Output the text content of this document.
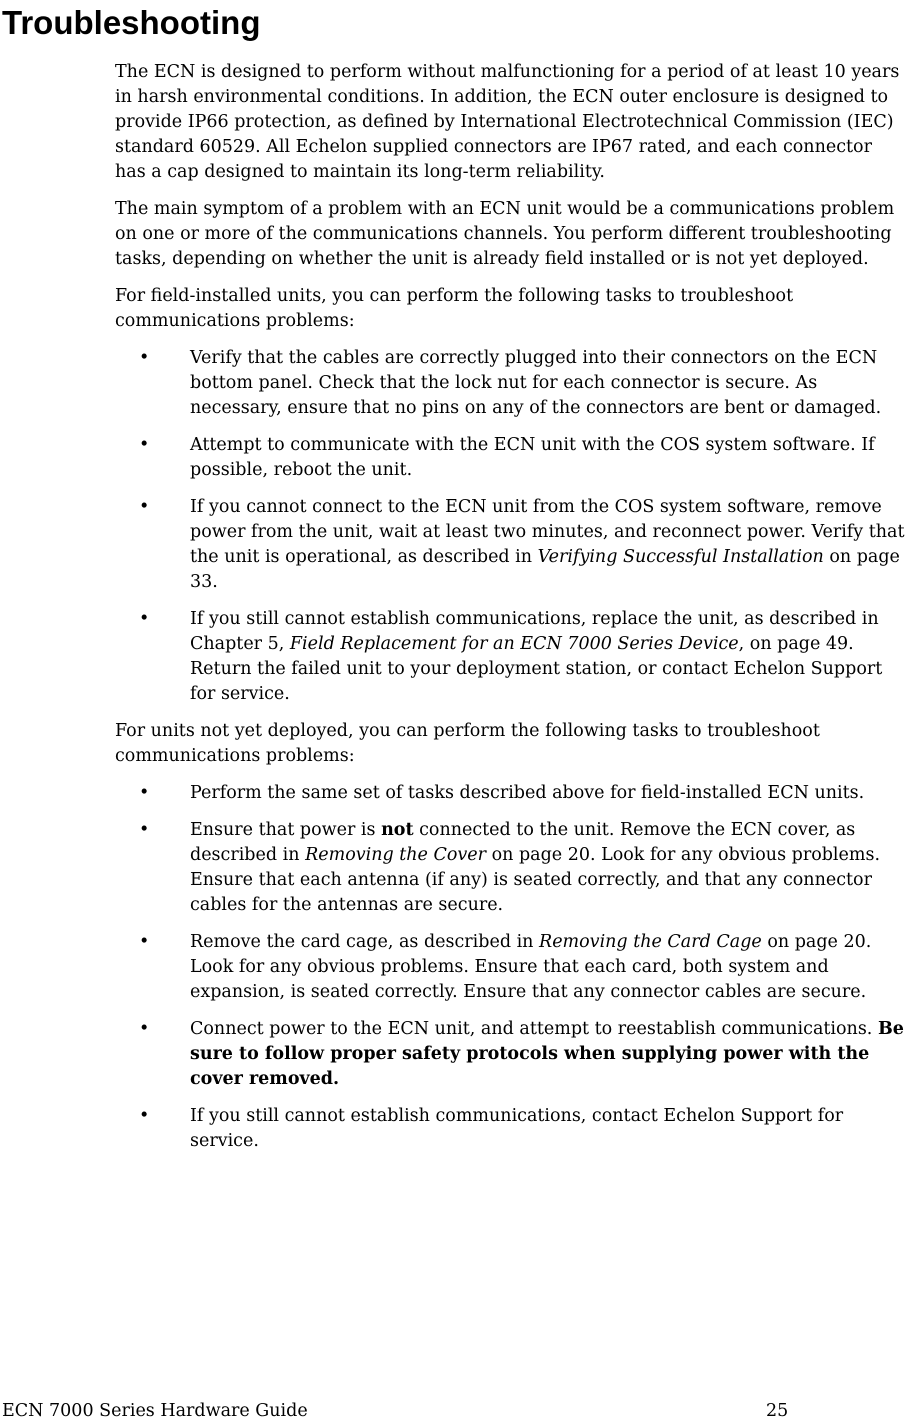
Troubleshooting

The ECN is designed to perform without malfunctioning for a period of at least 10 years in harsh environmental conditions. In addition, the ECN outer enclosure is designed to provide IP66 protection, as defined by International Electrotechnical Commission (IEC) standard 60529. All Echelon supplied connectors are IP67 rated, and each connector has a cap designed to maintain its long-term reliability.

The main symptom of a problem with an ECN unit would be a communications problem on one or more of the communications channels. You perform different troubleshooting tasks, depending on whether the unit is already field installed or is not yet deployed.

For field-installed units, you can perform the following tasks to troubleshoot communications problems:

• Verify that the cables are correctly plugged into their connectors on the ECN bottom panel. Check that the lock nut for each connector is secure. As necessary, ensure that no pins on any of the connectors are bent or damaged.
• Attempt to communicate with the ECN unit with the COS system software. If possible, reboot the unit.
• If you cannot connect to the ECN unit from the COS system software, remove power from the unit, wait at least two minutes, and reconnect power. Verify that the unit is operational, as described in Verifying Successful Installation on page 33.
• If you still cannot establish communications, replace the unit, as described in Chapter 5, Field Replacement for an ECN 7000 Series Device, on page 49. Return the failed unit to your deployment station, or contact Echelon Support for service.

For units not yet deployed, you can perform the following tasks to troubleshoot communications problems:

• Perform the same set of tasks described above for field-installed ECN units.
• Ensure that power is not connected to the unit. Remove the ECN cover, as described in Removing the Cover on page 20. Look for any obvious problems. Ensure that each antenna (if any) is seated correctly, and that any connector cables for the antennas are secure.
• Remove the card cage, as described in Removing the Card Cage on page 20. Look for any obvious problems. Ensure that each card, both system and expansion, is seated correctly. Ensure that any connector cables are secure.
• Connect power to the ECN unit, and attempt to reestablish communications. Be sure to follow proper safety protocols when supplying power with the cover removed.
• If you still cannot establish communications, contact Echelon Support for service.
ECN 7000 Series Hardware Guide	25
